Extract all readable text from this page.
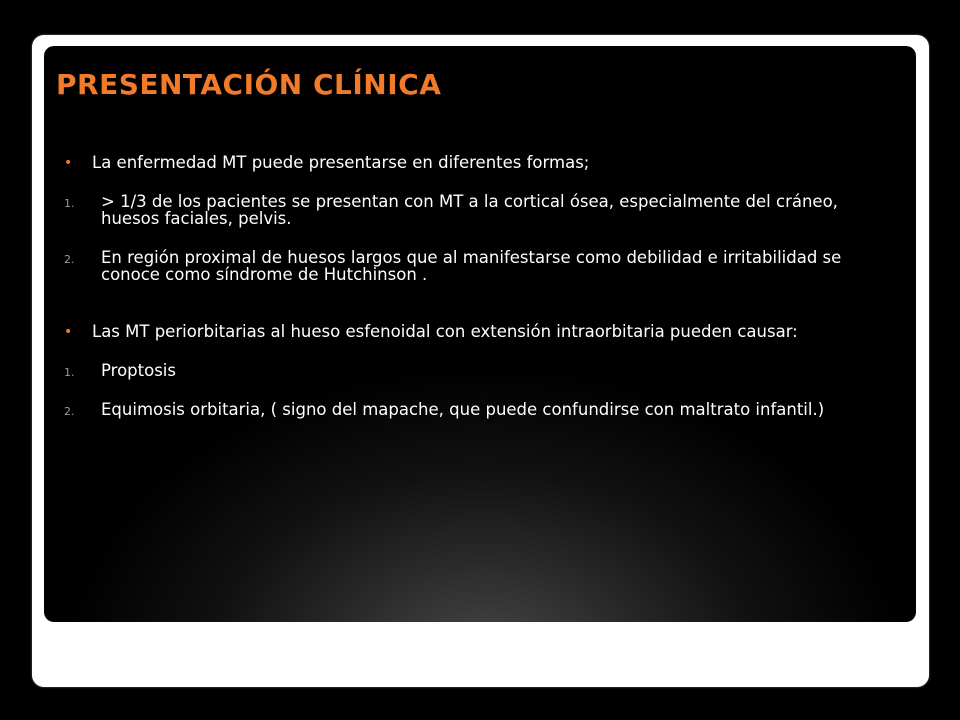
PRESENTACIÓN CLÍNICA
• La enfermedad MT puede presentarse en diferentes formas;
1. > 1/3 de los pacientes se presentan con MT a la cortical ósea, especialmente del cráneo, huesos faciales, pelvis.
2. En región proximal de huesos largos que al manifestarse como debilidad e irritabilidad se conoce como síndrome de Hutchinson .
• Las MT periorbitarias al hueso esfenoidal con extensión intraorbitaria pueden causar:
1. Proptosis
2. Equimosis orbitaria, ( signo del mapache, que puede confundirse con maltrato infantil.)
